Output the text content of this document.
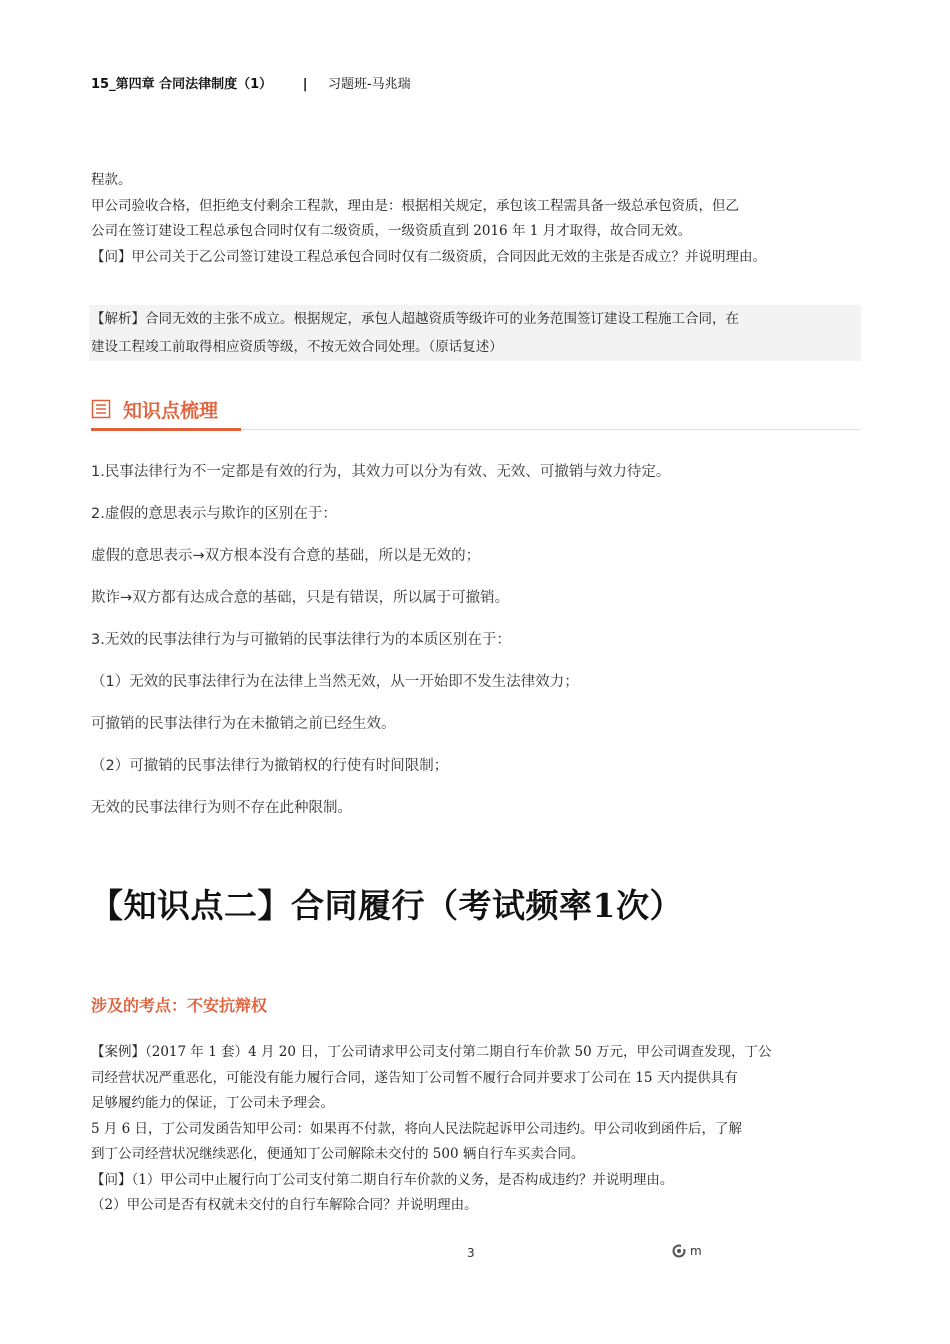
15_第四章 合同法律制度（1） | 习题班-马兆瑞

程款。

甲公司验收合格，但拒绝支付剩余工程款，理由是：根据相关规定，承包该工程需具备一级总承包资质，但乙

公司在签订建设工程总承包合同时仅有二级资质，一级资质直到 2016 年 1 月才取得，故合同无效。

【问】甲公司关于乙公司签订建设工程总承包合同时仅有二级资质，合同因此无效的主张是否成立？并说明理由。

【解析】合同无效的主张不成立。根据规定，承包人超越资质等级许可的业务范围签订建设工程施工合同，在

建设工程竣工前取得相应资质等级，不按无效合同处理。（原话复述）

知识点梳理

1.民事法律行为不一定都是有效的行为，其效力可以分为有效、无效、可撤销与效力待定。

2.虚假的意思表示与欺诈的区别在于：

虚假的意思表示→双方根本没有合意的基础，所以是无效的；

欺诈→双方都有达成合意的基础，只是有错误，所以属于可撤销。

3.无效的民事法律行为与可撤销的民事法律行为的本质区别在于：

（1）无效的民事法律行为在法律上当然无效，从一开始即不发生法律效力；

可撤销的民事法律行为在未撤销之前已经生效。

（2）可撤销的民事法律行为撤销权的行使有时间限制；

无效的民事法律行为则不存在此种限制。

【知识点二】合同履行（考试频率1次）
涉及的考点：不安抗辩权

【案例】（2017 年 1 套）4 月 20 日，丁公司请求甲公司支付第二期自行车价款 50 万元，甲公司调查发现，丁公

司经营状况严重恶化，可能没有能力履行合同，遂告知丁公司暂不履行合同并要求丁公司在 15 天内提供具有

足够履约能力的保证，丁公司未予理会。

5 月 6 日，丁公司发函告知甲公司：如果再不付款，将向人民法院起诉甲公司违约。甲公司收到函件后，了解

到丁公司经营状况继续恶化，便通知丁公司解除未交付的 500 辆自行车买卖合同。

【问】（1）甲公司中止履行向丁公司支付第二期自行车价款的义务，是否构成违约？并说明理由。

（2）甲公司是否有权就未交付的自行车解除合同？并说明理由。

3	m
